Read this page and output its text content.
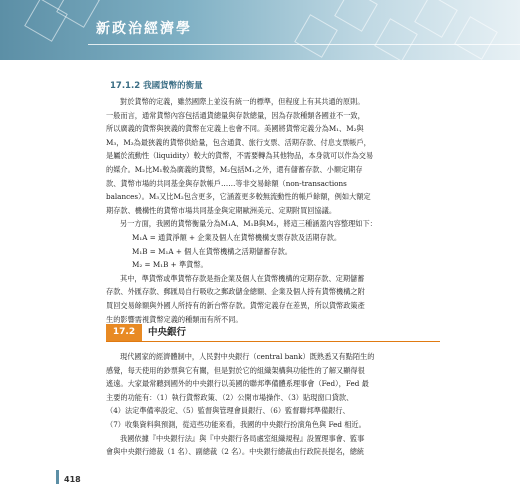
新政治經濟學
17.1.2 我國貨幣的衡量

對於貨幣的定義，雖然國際上並沒有統一的標準，但程度上有其共通的原則。

一般而言，通常貨幣內容包括通貨總量與存款總量，因為存款種類各國並不一致，

所以廣義的貨幣與狹義的貨幣在定義上也會不同。美國將貨幣定義分為M₁、M₂與

M₃，M₃為最狹義的貨幣供給量，包含通貨、旅行支票、活期存款、付息支票帳戶，

是屬於流動性（liquidity）較大的貨幣，不需要轉為其他物品，本身就可以作為交易

的媒介。M₂比M₁較為廣義的貨幣，M₂包括M₁之外，還有儲蓄存款、小額定期存

款、貨幣市場的共同基金與存款帳戶……等非交易餘額（non-transactions

balances）。M₃又比M₂包含更多，它涵蓋更多較無流動性的帳戶餘額，例如大額定

期存款、機構性的貨幣市場共同基金與定期歐洲美元、定期附買回協議。

另一方面，我國的貨幣衡量分為M₁A、M₁B與M₂，將這三種涵蓋內容整理如下：

M₁A = 通貨淨額 + 企業及個人在貨幣機構支票存款及活期存款。

M₁B = M₁A + 個人在貨幣機構之活期儲蓄存款。

M₂ = M₁B + 準貨幣。

其中，準貨幣或準貨幣存款是指企業及個人在貨幣機構的定期存款、定期儲蓄

存款、外匯存款、郵匯局自行吸收之郵政儲金總額、企業及個人持有貨幣機構之附

買回交易餘額與外國人所持有的新台幣存款。貨幣定義存在差異，所以貨幣政策產

17.2	中央銀行

生的影響需視貨幣定義的種類而有所不同。

現代國家的經濟體制中，人民對中央銀行（central bank）既熟悉又有點陌生的

感覺，每天使用的鈔票與它有關，但是對於它的組織架構與功能性的了解又顯得很

遙遠。大家最常聽到國外的中央銀行以美國的聯邦準備體系理事會（Fed），Fed 最

主要的功能有：（1）執行貨幣政策、（2）公開市場操作、（3）貼現窗口貸款、

（4）法定準備率設定、（5）監督與管理會員銀行、（6）監督聯邦準備銀行、

（7）收集資料與預測，從這些功能來看，我國的中央銀行扮演角色與 Fed 相近。

我國依據『中央銀行法』與『中央銀行各局處室組織規程』設置理事會、監事

會與中央銀行總裁（1 名）、副總裁（2 名）。中央銀行總裁由行政院長提名，總統

418
